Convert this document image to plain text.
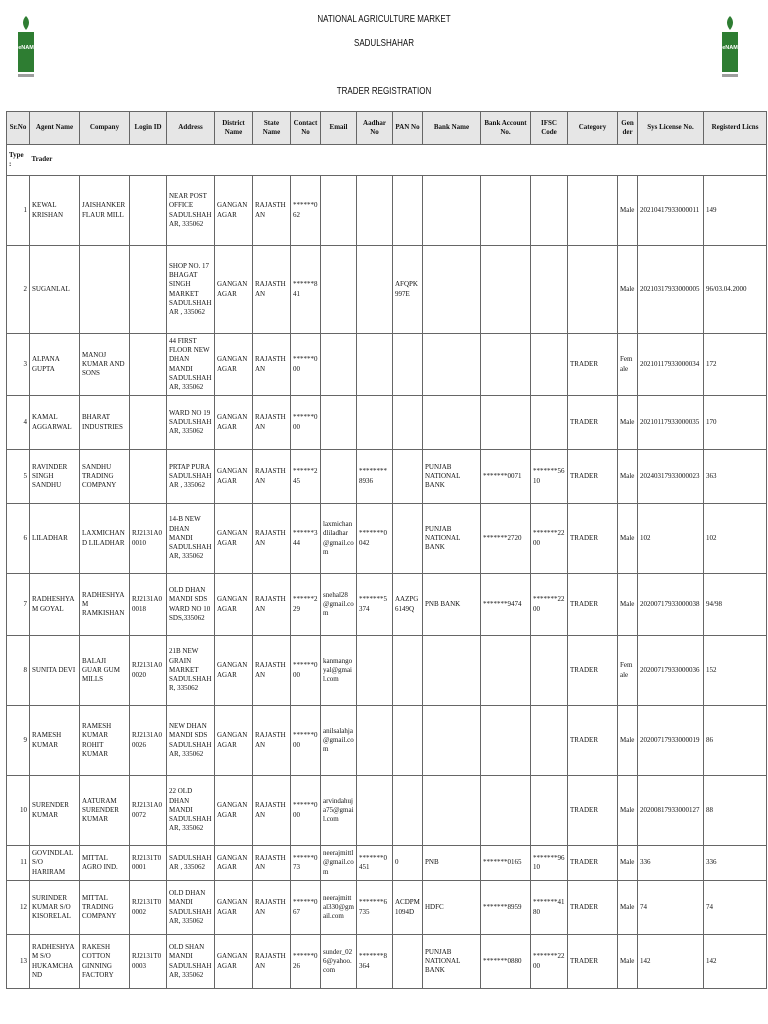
eNAM	eNAM
NATIONAL AGRICULTURE MARKET
SADULSHAHAR
TRADER REGISTRATION
Sr.No	Agent Name	Company	Login ID	Address	District Name	State Name	Contact No	Email	Aadhar No	PAN No	Bank Name	Bank Account No.	IFSC Code	Category	Gender	Sys License No.	Registerd Licns
Type :	Trader																
1	KEWAL KRISHAN	JAISHANKER FLAUR MILL		NEAR POST OFFICE SADULSHAHAR, 335062	GANGANAGAR	RAJASTHAN	******062								Male	20210417933000011	149
2	SUGANLAL			SHOP NO. 17 BHAGAT SINGH MARKET SADULSHAHAR , 335062	GANGANAGAR	RAJASTHAN	******841			AFQPK997E					Male	20210317933000005	96/03.04.2000
3	ALPANA GUPTA	MANOJ KUMAR AND SONS		44 FIRST FLOOR NEW DHAN MANDI SADULSHAHAR, 335062	GANGANAGAR	RAJASTHAN	******000							TRADER	Female	20210117933000034	172
4	KAMAL AGGARWAL	BHARAT INDUSTRIES		WARD NO 19 SADULSHAHAR, 335062	GANGANAGAR	RAJASTHAN	******000							TRADER	Male	20210117933000035	170
5	RAVINDER SINGH SANDHU	SANDHU TRADING COMPANY		PRTAP PURA SADULSHAHAR , 335062	GANGANAGAR	RAJASTHAN	******245		********8936		PUNJAB NATIONAL BANK	*******0071	*******5610	TRADER	Male	20240317933000023	363
6	LILADHAR	LAXMICHAND LILADHAR	RJ2131A00010	14-B NEW DHAN MANDI SADULSHAHAR, 335062	GANGANAGAR	RAJASTHAN	******344	laxmichandliladhar@gmail.com	*******0042		PUNJAB NATIONAL BANK	*******2720	*******2200	TRADER	Male	102	102
7	RADHESHYAM GOYAL	RADHESHYAM RAMKISHAN	RJ2131A00018	OLD DHAN MANDI SDS WARD NO 10 SDS,335062	GANGANAGAR	RAJASTHAN	******229	snehal28@gmail.com	*******5374	AAZPG6149Q	PNB BANK	*******9474	*******2200	TRADER	Male	20200717933000038	94/98
8	SUNITA DEVI	BALAJI GUAR GUM MILLS	RJ2131A00020	21B NEW GRAIN MARKET SADULSHAHR, 335062	GANGANAGAR	RAJASTHAN	******000	kanmangoyal@gmail.com						TRADER	Female	20200717933000036	152
9	RAMESH KUMAR	RAMESH KUMAR ROHIT KUMAR	RJ2131A00026	NEW DHAN MANDI SDS SADULSHAHAR, 335062	GANGANAGAR	RAJASTHAN	******000	anilsalahja@gmail.com						TRADER	Male	20200717933000019	86
10	SURENDER KUMAR	AATURAM SURENDER KUMAR	RJ2131A00072	22 OLD DHAN MANDI SADULSHAHAR, 335062	GANGANAGAR	RAJASTHAN	******000	arvindahuja75@gmail.com						TRADER	Male	20200817933000127	88
11	GOVINDLAL S/O HARIRAM	MITTAL AGRO IND.	RJ2131T00001	SADULSHAHAR , 335062	GANGANAGAR	RAJASTHAN	******073	neerajmittl@gmail.com	*******0451	0	PNB	*******0165	*******9610	TRADER	Male	336	336
12	SURINDER KUMAR S/O KISORELAL	MITTAL TRADING COMPANY	RJ2131T00002	OLD DHAN MANDI SADULSHAHAR, 335062	GANGANAGAR	RAJASTHAN	******067	neerajmittal330@gmail.com	*******6735	ACDPM1094D	HDFC	*******8959	*******4180	TRADER	Male	74	74
13	RADHESHYAM S/O HUKAMCHAND	RAKESH COTTON GINNING FACTORY	RJ2131T00003	OLD SHAN MANDI SADULSHAHAR, 335062	GANGANAGAR	RAJASTHAN	******026	sunder_026@yahoo.com	*******8364		PUNJAB NATIONAL BANK	*******0880	*******2200	TRADER	Male	142	142
